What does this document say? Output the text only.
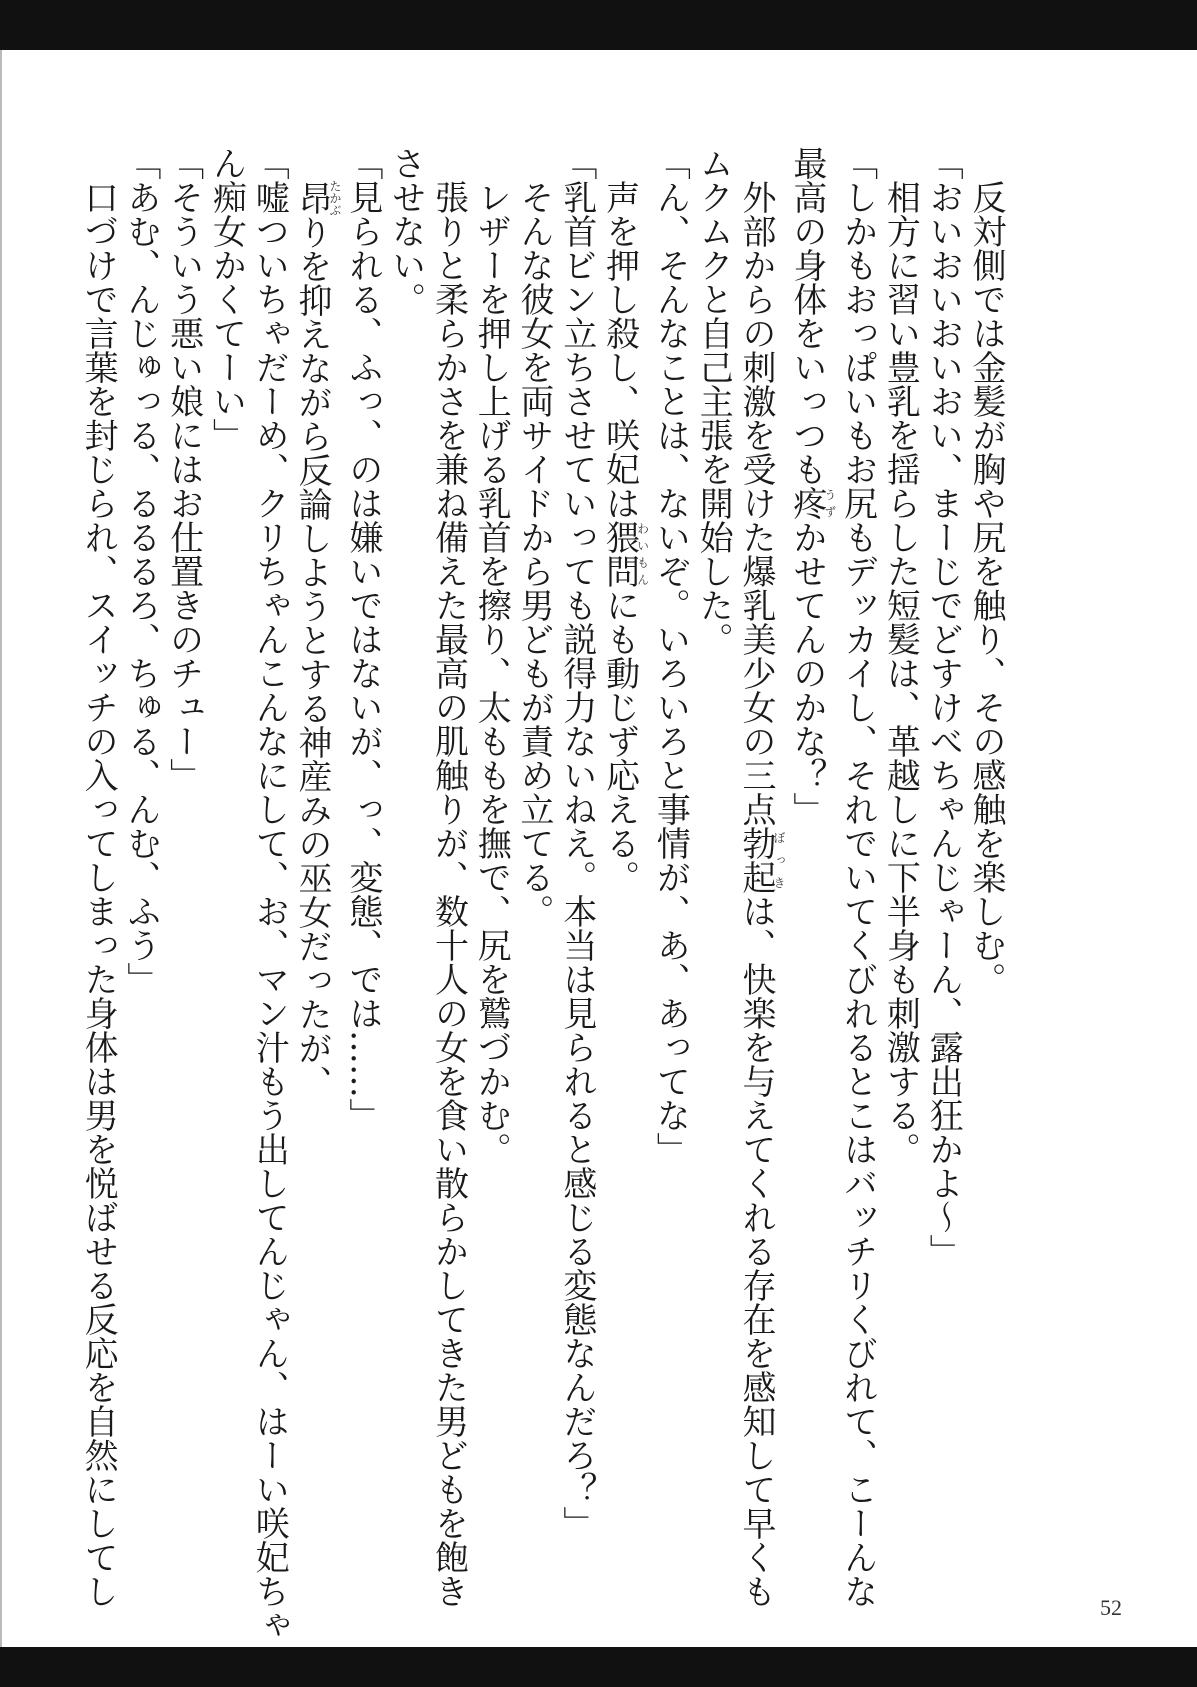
反対側では金髪が胸や尻を触り、その感触を楽しむ。
「おいおいおいおい、まーじでどすけべちゃんじゃーん、露出狂かよ〜」
相方に習い豊乳を揺らした短髪は、革越しに下半身も刺激する。
「しかもおっぱいもお尻もデッカイし、それでいてくびれるとこはバッチリくびれて、こーんな
最高の身体をいっつも疼うずかせてんのかな？」
外部からの刺激を受けた爆乳美少女の三点勃起ぼっきは、快楽を与えてくれる存在を感知して早くも
ムクムクと自己主張を開始した。
「ん、そんなことは、ないぞ。いろいろと事情が、あ、あってな」
声を押し殺し、咲妃は猥問わいもんにも動じず応える。
「乳首ビン立ちさせていっても説得力ないねえ。本当は見られると感じる変態なんだろ？」
そんな彼女を両サイドから男どもが責め立てる。
レザーを押し上げる乳首を擦り、太ももを撫で、尻を鷲づかむ。
張りと柔らかさを兼ね備えた最高の肌触りが、数十人の女を食い散らかしてきた男どもを飽き
させない。
「見られる、ふっ、のは嫌いではないが、っ、変態、では……」
昂たかぶりを抑えながら反論しようとする神産みの巫女だったが、
「嘘ついちゃだーめ、クリちゃんこんなにして、お、マン汁もう出してんじゃん、はーい咲妃ちゃ
ん痴女かくてーい」
「そういう悪い娘にはお仕置きのチュー」
「あむ、んじゅっる、るるるろ、ちゅる、んむ、ふう」
口づけで言葉を封じられ、スイッチの入ってしまった身体は男を悦ばせる反応を自然にしてし	52
